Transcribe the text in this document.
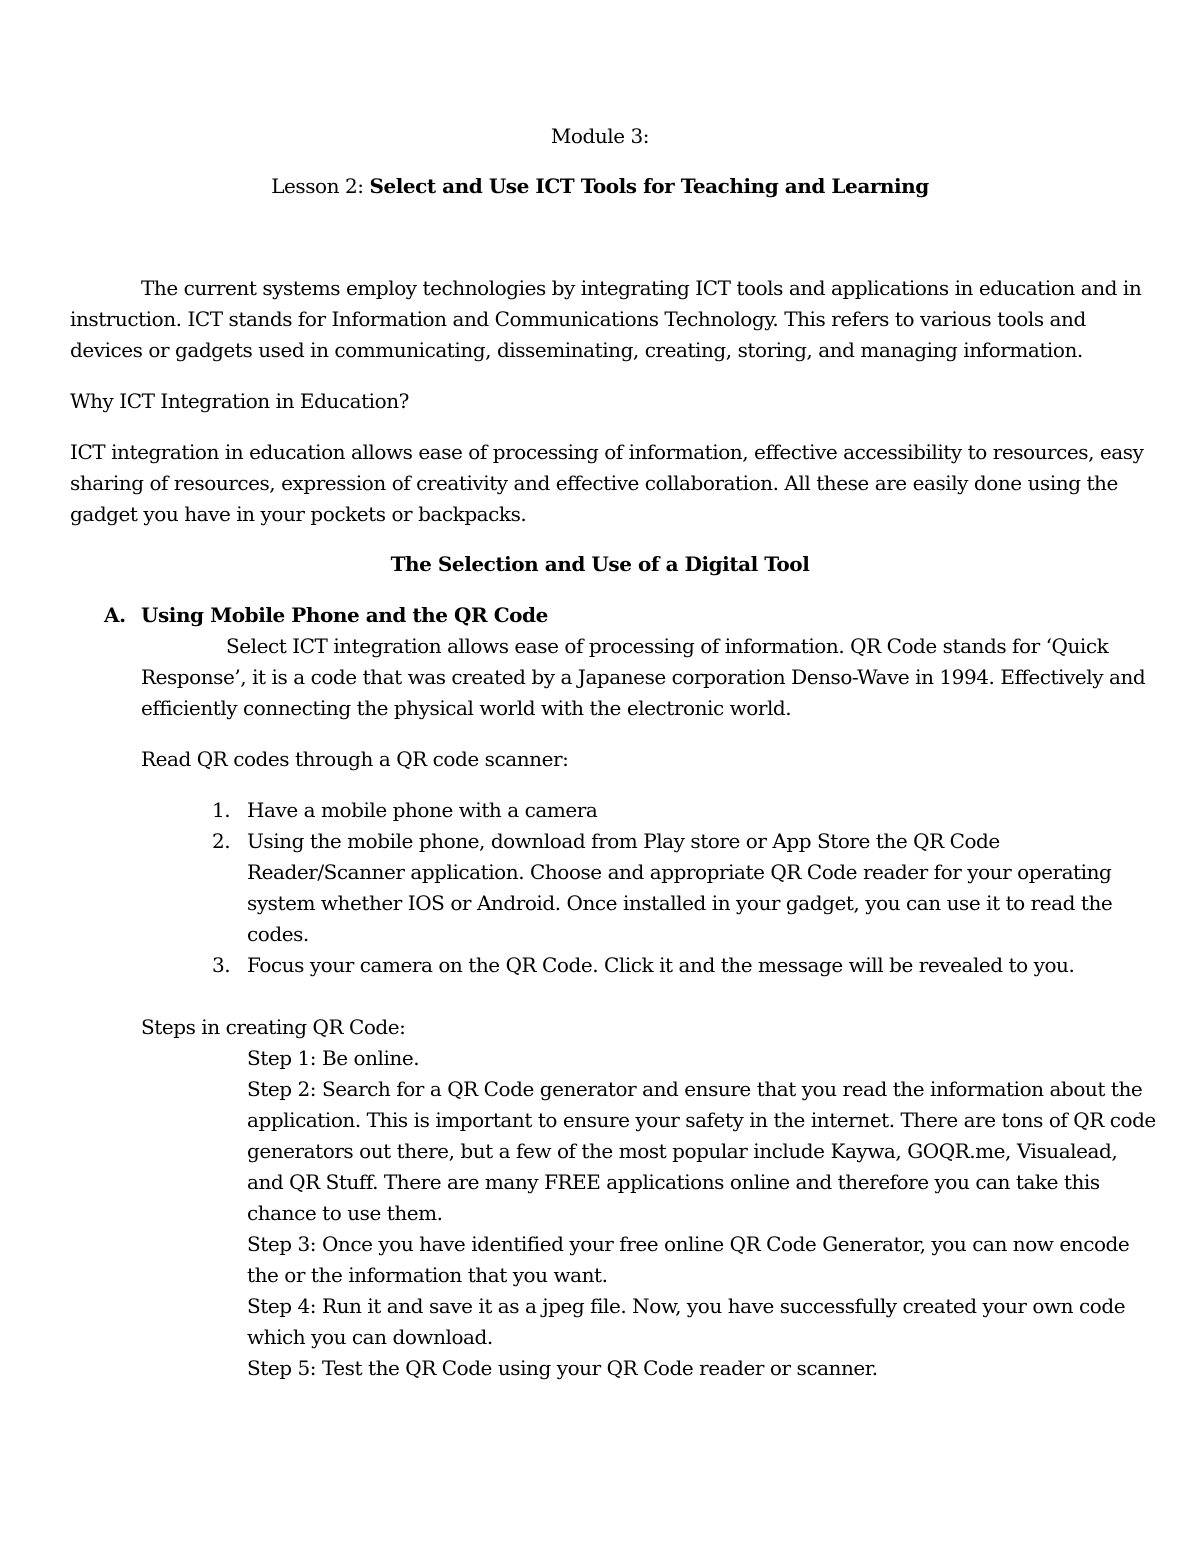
Module 3:
Lesson 2: Select and Use ICT Tools for Teaching and Learning
The current systems employ technologies by integrating ICT tools and applications in education and in
instruction. ICT stands for Information and Communications Technology. This refers to various tools and
devices or gadgets used in communicating, disseminating, creating, storing, and managing information.
Why ICT Integration in Education?
ICT integration in education allows ease of processing of information, effective accessibility to resources, easy
sharing of resources, expression of creativity and effective collaboration. All these are easily done using the
gadget you have in your pockets or backpacks.
The Selection and Use of a Digital Tool
A. Using Mobile Phone and the QR Code
Select ICT integration allows ease of processing of information. QR Code stands for ‘Quick
Response’, it is a code that was created by a Japanese corporation Denso-Wave in 1994. Effectively and
efficiently connecting the physical world with the electronic world.
Read QR codes through a QR code scanner:
1. Have a mobile phone with a camera
2. Using the mobile phone, download from Play store or App Store the QR Code
Reader/Scanner application. Choose and appropriate QR Code reader for your operating
system whether IOS or Android. Once installed in your gadget, you can use it to read the
codes.
3. Focus your camera on the QR Code. Click it and the message will be revealed to you.
Steps in creating QR Code:
Step 1: Be online.
Step 2: Search for a QR Code generator and ensure that you read the information about the
application. This is important to ensure your safety in the internet. There are tons of QR code
generators out there, but a few of the most popular include Kaywa, GOQR.me, Visualead,
and QR Stuff. There are many FREE applications online and therefore you can take this
chance to use them.
Step 3: Once you have identified your free online QR Code Generator, you can now encode
the or the information that you want.
Step 4: Run it and save it as a jpeg file. Now, you have successfully created your own code
which you can download.
Step 5: Test the QR Code using your QR Code reader or scanner.
